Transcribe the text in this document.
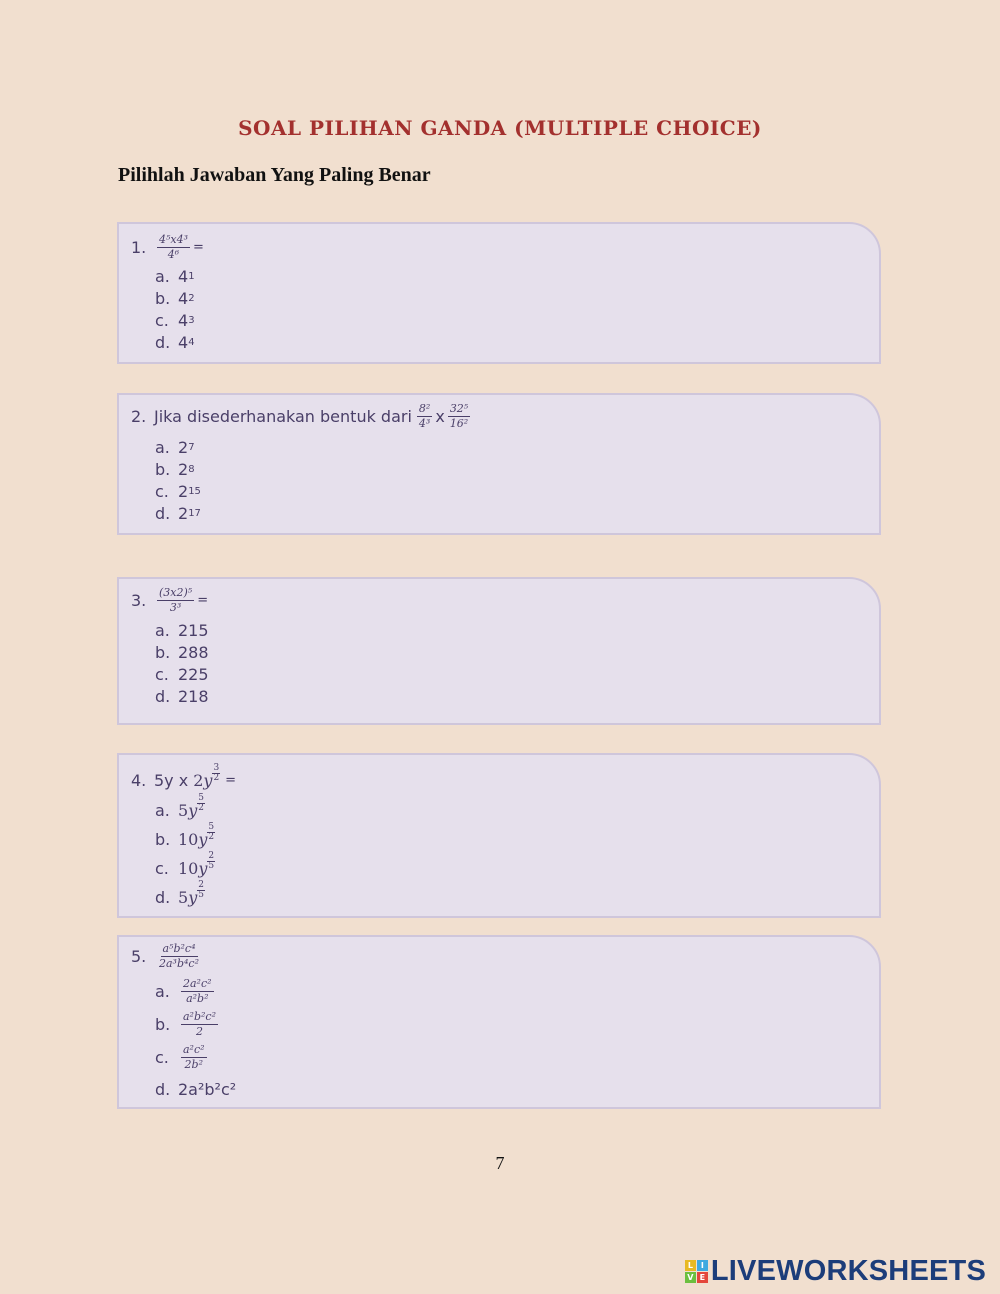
SOAL PILIHAN GANDA (MULTIPLE CHOICE)
Pilihlah Jawaban Yang Paling Benar
1. $\frac{\text{4⁵x4³}}{\text{4⁶}}$ =
a. 4 1
b. 4 2
c. 4 3
d. 4 4
2. Jika disederhanakan bentuk dari $\frac{\text{8²}}{\text{4³}}$ x $\frac{\text{32⁵}}{\text{16²}}$
a. 2 7
b. 2 8
c. 2 15
d. 2 17
3. $\frac{\text{(3x2)⁵}}{\text{3³}}$ =
a. 215
b. 288
c. 225
d. 218
4. 5y x 2 y $\frac{3}{2}$ =
a. 5 y $\frac{5}{2}$
b. 10 y $\frac{5}{2}$
c. 10 y $\frac{2}{5}$
d. 5 y $\frac{2}{5}$
5. $\frac{\text{a⁵b²c⁴}}{\text{2a³b⁴c²}}$
a.	$\frac{\text{2a²c²}}{\text{a²b²}}$
b. $\frac{\text{a²b²c²}}{2}$
c.	$\frac{\text{a²c²}}{\text{2b²}}$
d. 2a²b²c²
7
L I
V E LIVEWORKSHEETS
